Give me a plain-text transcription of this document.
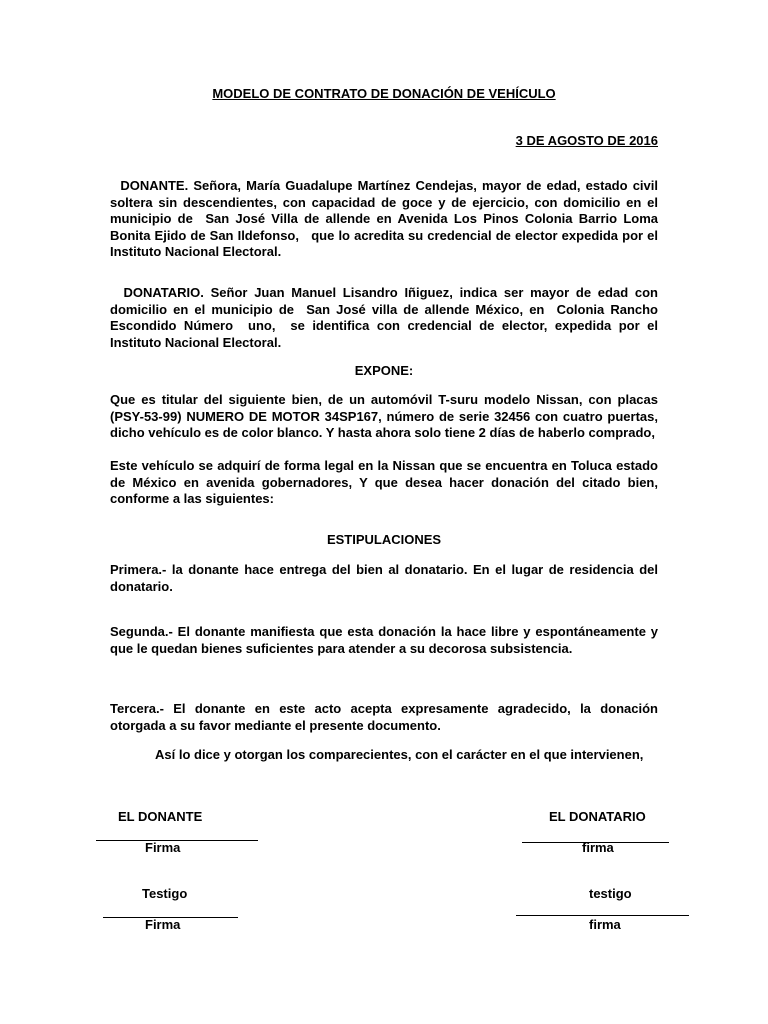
MODELO DE CONTRATO DE DONACIÓN DE VEHÍCULO
3 DE AGOSTO DE 2016

DONANTE. Señora, María Guadalupe Martínez Cendejas, mayor de edad, estado civil soltera sin descendientes, con capacidad de goce y de ejercicio, con domicilio en el municipio de  San José Villa de allende en Avenida Los Pinos Colonia Barrio Loma Bonita Ejido de San Ildefonso,   que lo acredita su credencial de elector expedida por el Instituto Nacional Electoral.

DONATARIO. Señor Juan Manuel Lisandro Iñiguez, indica ser mayor de edad con domicilio en el municipio de  San José villa de allende México, en  Colonia Rancho Escondido Número  uno,  se identifica con credencial de elector, expedida por el Instituto Nacional Electoral.

EXPONE:

Que es titular del siguiente bien, de un automóvil T-suru modelo Nissan, con placas (PSY-53-99) NUMERO DE MOTOR 34SP167, número de serie 32456 con cuatro puertas, dicho vehículo es de color blanco. Y hasta ahora solo tiene 2 días de haberlo comprado,

Este vehículo se adquirí de forma legal en la Nissan que se encuentra en Toluca estado de México en avenida gobernadores, Y que desea hacer donación del citado bien, conforme a las siguientes:

ESTIPULACIONES

Primera.- la donante hace entrega del bien al donatario. En el lugar de residencia del donatario.

Segunda.- El donante manifiesta que esta donación la hace libre y espontáneamente y que le quedan bienes suficientes para atender a su decorosa subsistencia.

Tercera.- El donante en este acto acepta expresamente agradecido, la donación otorgada a su favor mediante el presente documento.

Así lo dice y otorgan los comparecientes, con el carácter en el que intervienen,

EL DONANTE	EL DONATARIO
Firma	firma
Testigo	testigo
Firma	firma
